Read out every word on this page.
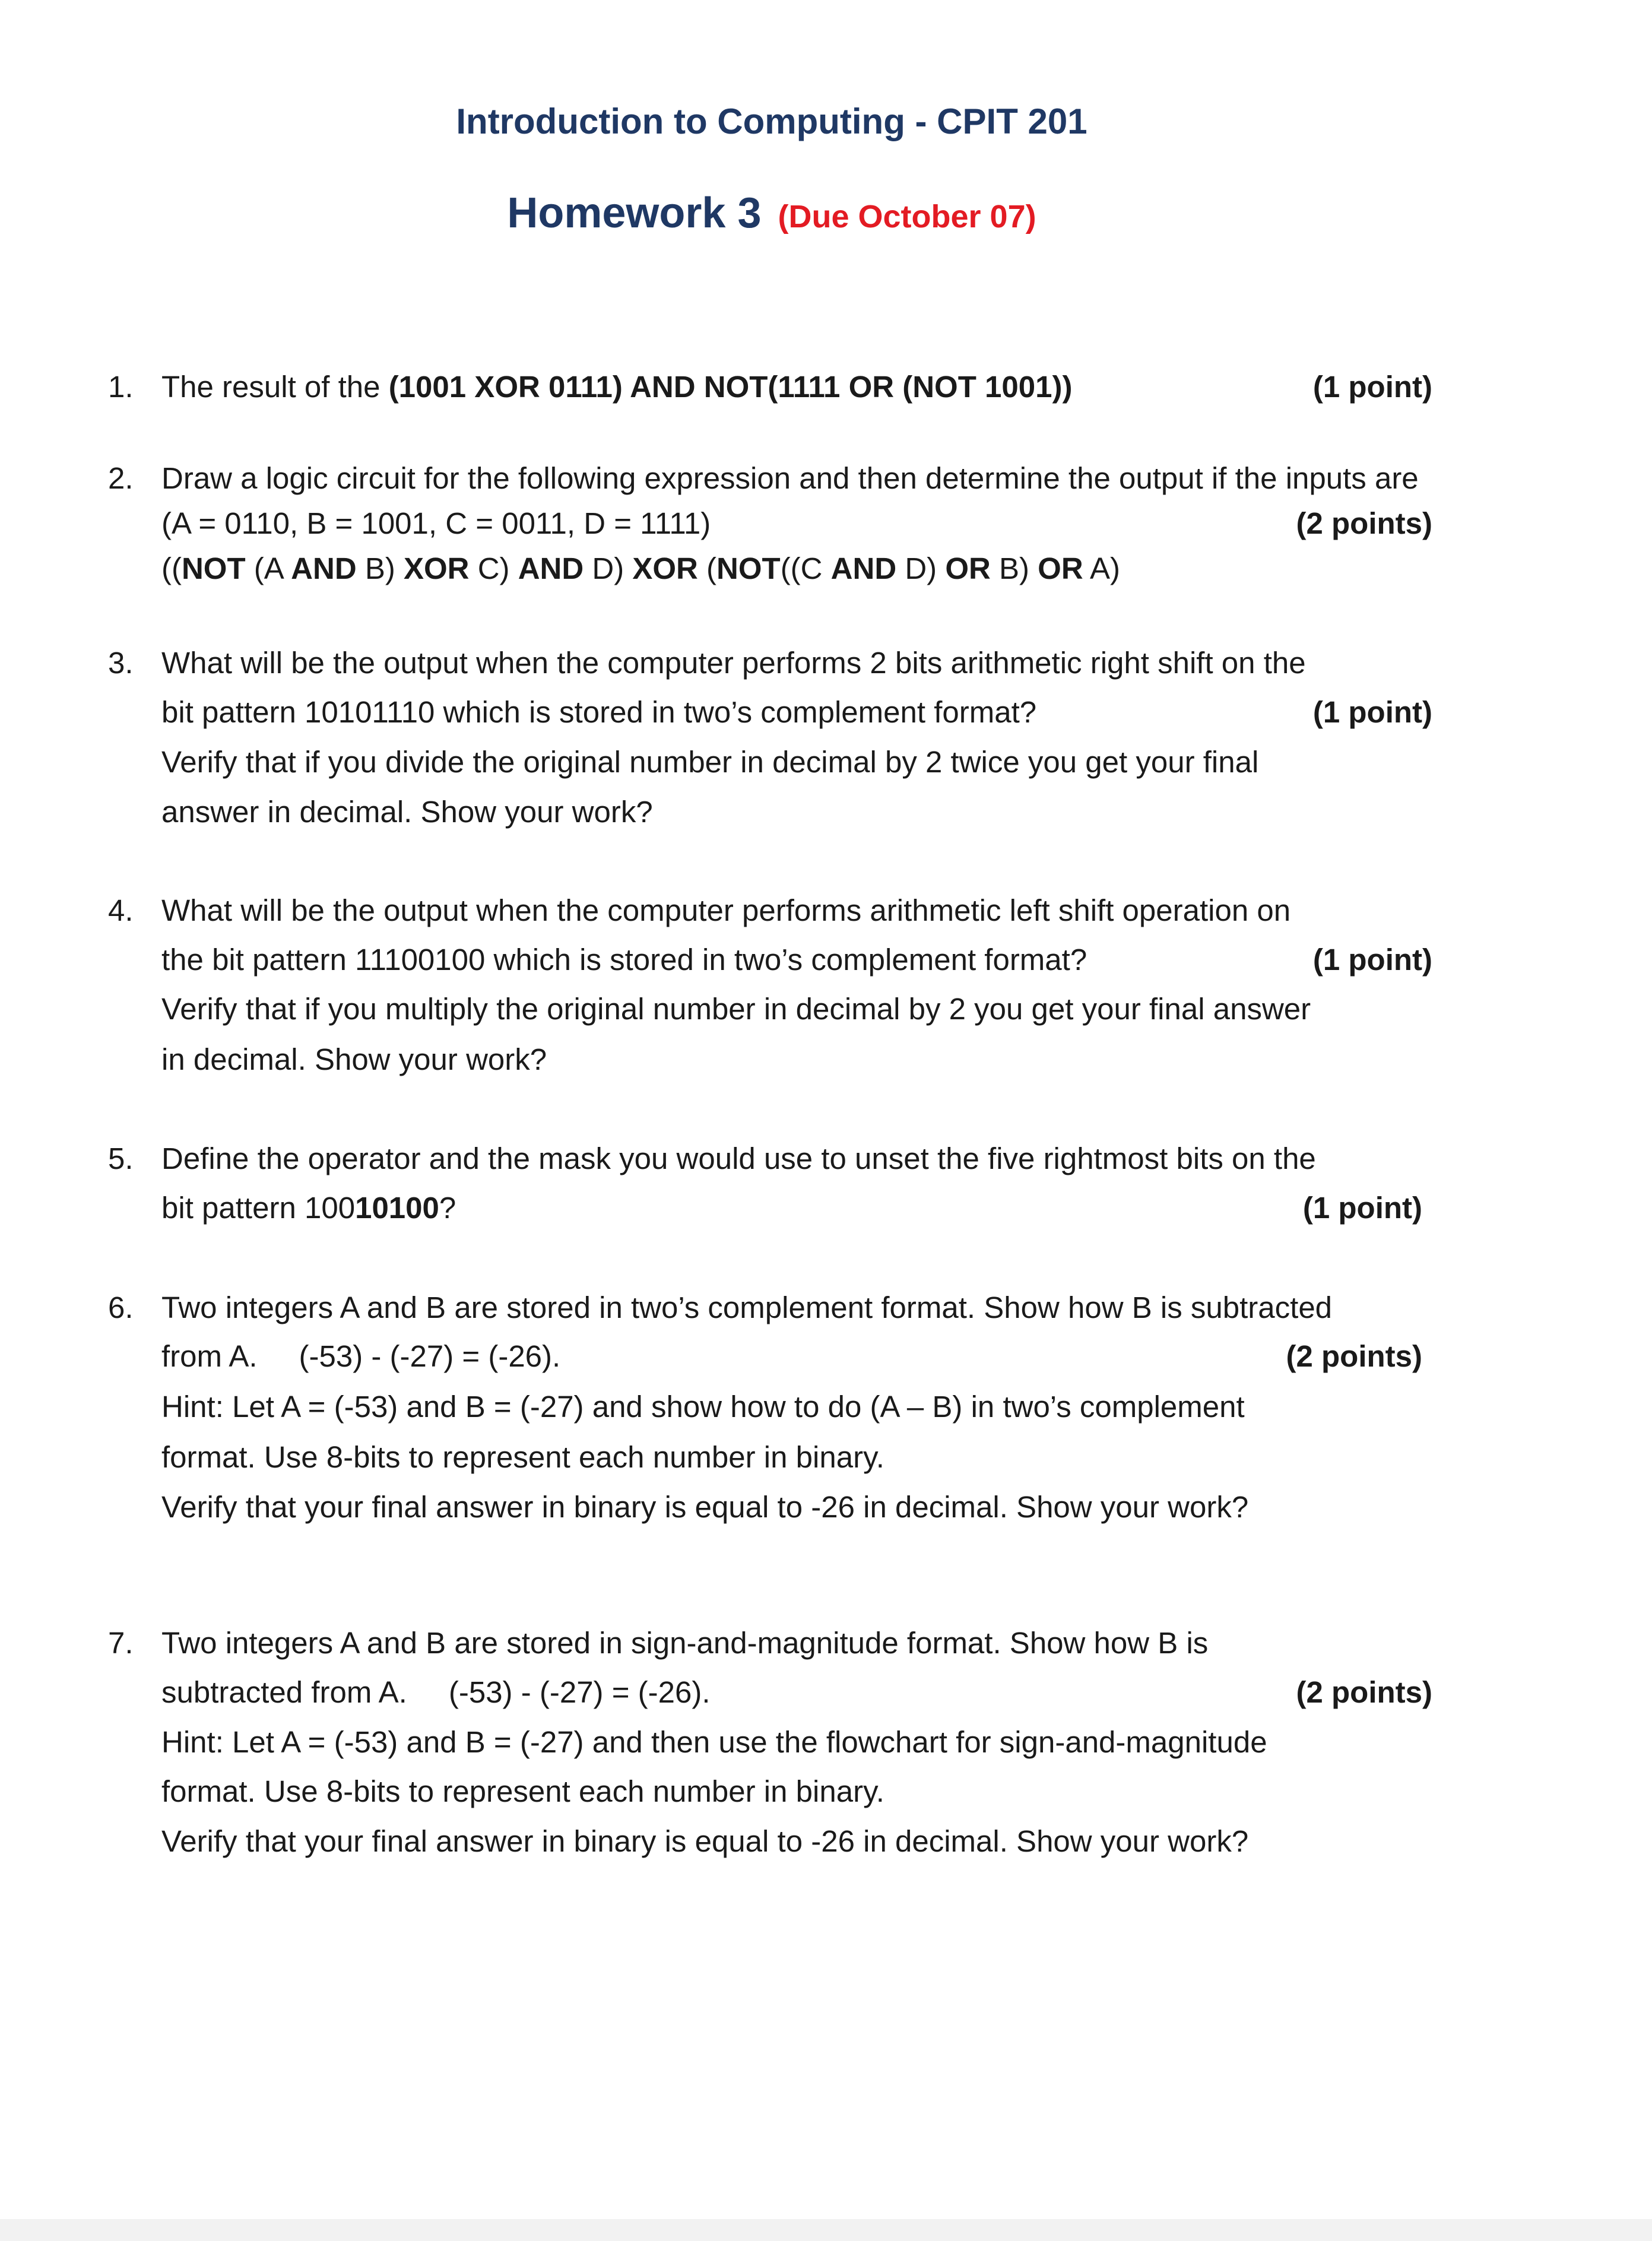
Introduction to Computing - CPIT 201
Homework 3 (Due October 07)
1. The result of the (1001 XOR 0111) AND NOT(1111 OR (NOT 1001))	(1 point)
2. Draw a logic circuit for the following expression and then determine the output if the inputs are
(A = 0110, B = 1001, C = 0011, D = 1111)	(2 points)
((NOT (A AND B) XOR C) AND D) XOR (NOT((C AND D) OR B) OR A)
3. What will be the output when the computer performs 2 bits arithmetic right shift on the
bit pattern 10101110 which is stored in two’s complement format?	(1 point)
Verify that if you divide the original number in decimal by 2 twice you get your final
answer in decimal. Show your work?
4. What will be the output when the computer performs arithmetic left shift operation on
the bit pattern 11100100 which is stored in two’s complement format?	(1 point)
Verify that if you multiply the original number in decimal by 2 you get your final answer
in decimal. Show your work?
5. Define the operator and the mask you would use to unset the five rightmost bits on the
bit pattern 10010100?	(1 point)
6. Two integers A and B are stored in two’s complement format. Show how B is subtracted
from A. (-53) - (-27) = (-26).	(2 points)
Hint: Let A = (-53) and B = (-27) and show how to do (A – B) in two’s complement
format. Use 8-bits to represent each number in binary.
Verify that your final answer in binary is equal to -26 in decimal. Show your work?
7. Two integers A and B are stored in sign-and-magnitude format. Show how B is
subtracted from A. (-53) - (-27) = (-26).	(2 points)
Hint: Let A = (-53) and B = (-27) and then use the flowchart for sign-and-magnitude
format. Use 8-bits to represent each number in binary.
Verify that your final answer in binary is equal to -26 in decimal. Show your work?
